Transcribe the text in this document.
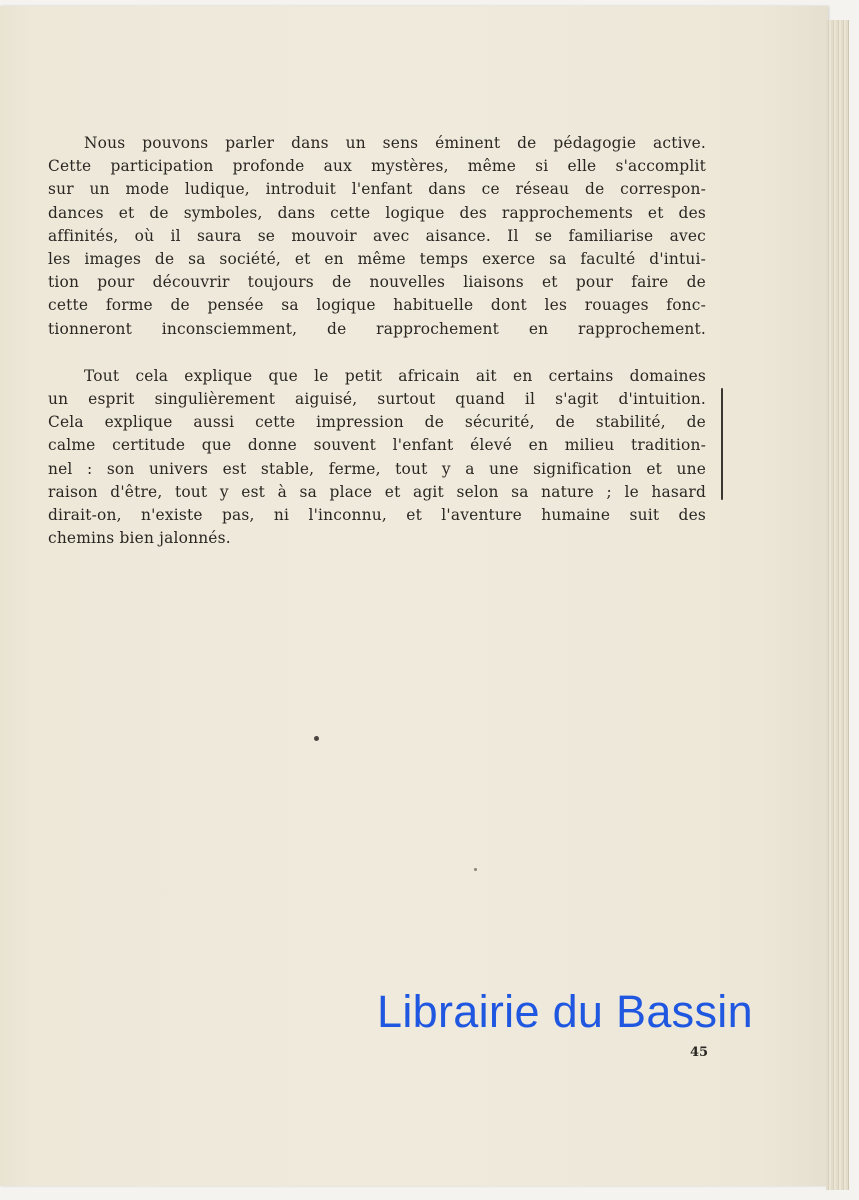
Nous pouvons parler dans un sens éminent de pédagogie active.
Cette participation profonde aux mystères, même si elle s'accomplit
sur un mode ludique, introduit l'enfant dans ce réseau de correspon-
dances et de symboles, dans cette logique des rapprochements et des
affinités, où il saura se mouvoir avec aisance. Il se familiarise avec
les images de sa société, et en même temps exerce sa faculté d'intui-
tion pour découvrir toujours de nouvelles liaisons et pour faire de
cette forme de pensée sa logique habituelle dont les rouages fonc-
tionneront inconsciemment, de rapprochement en rapprochement.

Tout cela explique que le petit africain ait en certains domaines
un esprit singulièrement aiguisé, surtout quand il s'agit d'intuition.
Cela explique aussi cette impression de sécurité, de stabilité, de
calme certitude que donne souvent l'enfant élevé en milieu tradition-
nel : son univers est stable, ferme, tout y a une signification et une
raison d'être, tout y est à sa place et agit selon sa nature ; le hasard
dirait-on, n'existe pas, ni l'inconnu, et l'aventure humaine suit des
chemins bien jalonnés.

Librairie du Bassin
45
